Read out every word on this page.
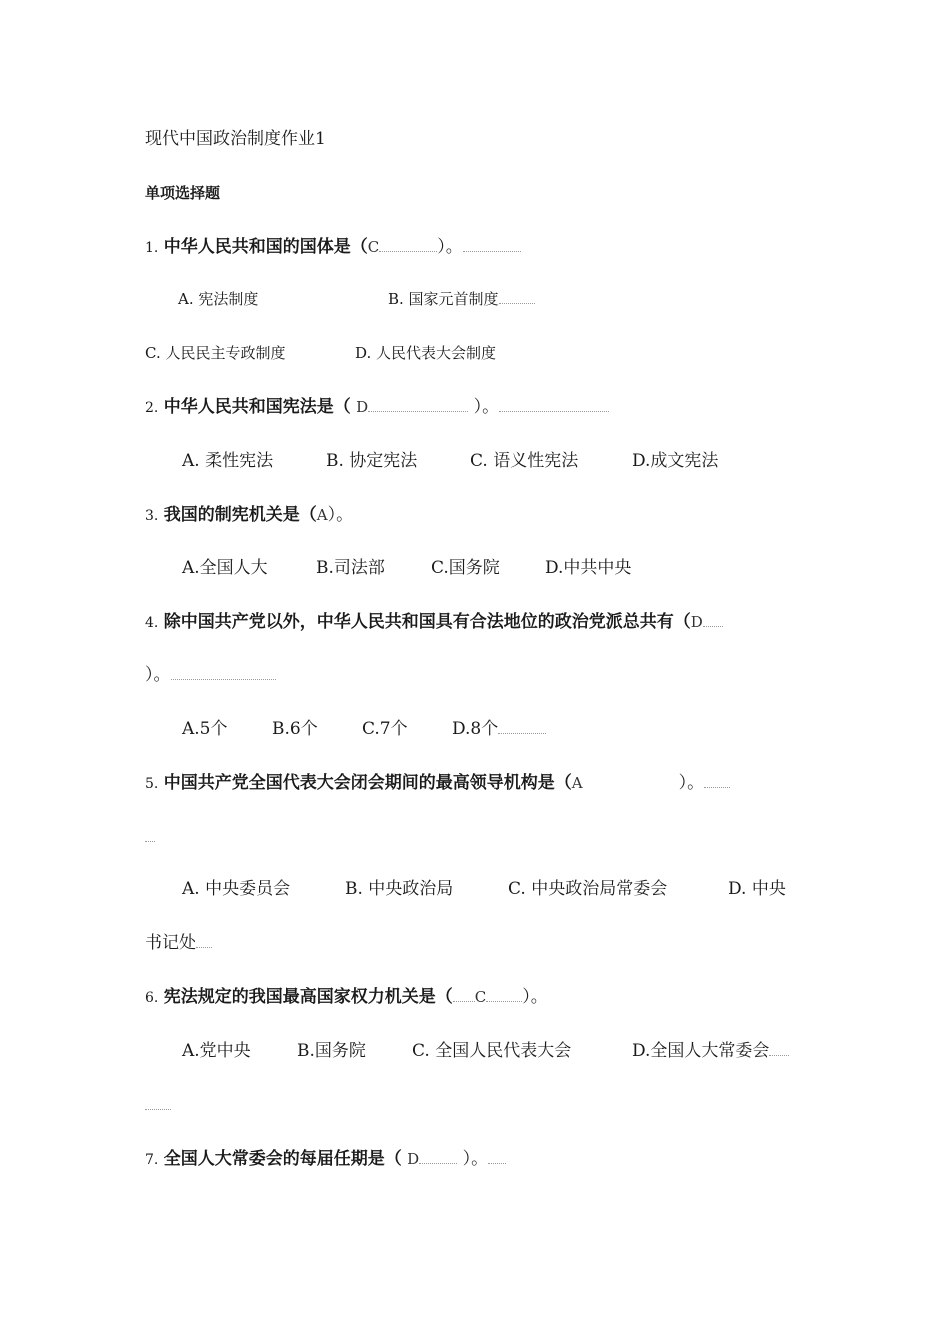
现代中国政治制度作业1
单项选择题
1. 中华人民共和国的国体是（C	）。
A. 宪法制度	B. 国家元首制度
C. 人民民主专政制度	D. 人民代表大会制度
2. 中华人民共和国宪法是（ D	）。
A. 柔性宪法	B. 协定宪法	C. 语义性宪法	D.成文宪法
3. 我国的制宪机关是（A）。
A.全国人大	B.司法部	C.国务院	D.中共中央
4. 除中国共产党以外，中华人民共和国具有合法地位的政治党派总共有（D
）。
A.5个	B.6个	C.7个	D.8个
5. 中国共产党全国代表大会闭会期间的最高领导机构是（A	）。
A. 中央委员会	B. 中央政治局	C. 中央政治局常委会	D. 中央
书记处
6. 宪法规定的我国最高国家权力机关是（ C ）。
A.党中央	B.国务院	C. 全国人民代表大会	D.全国人大常委会
7. 全国人大常委会的每届任期是（ D	）。
